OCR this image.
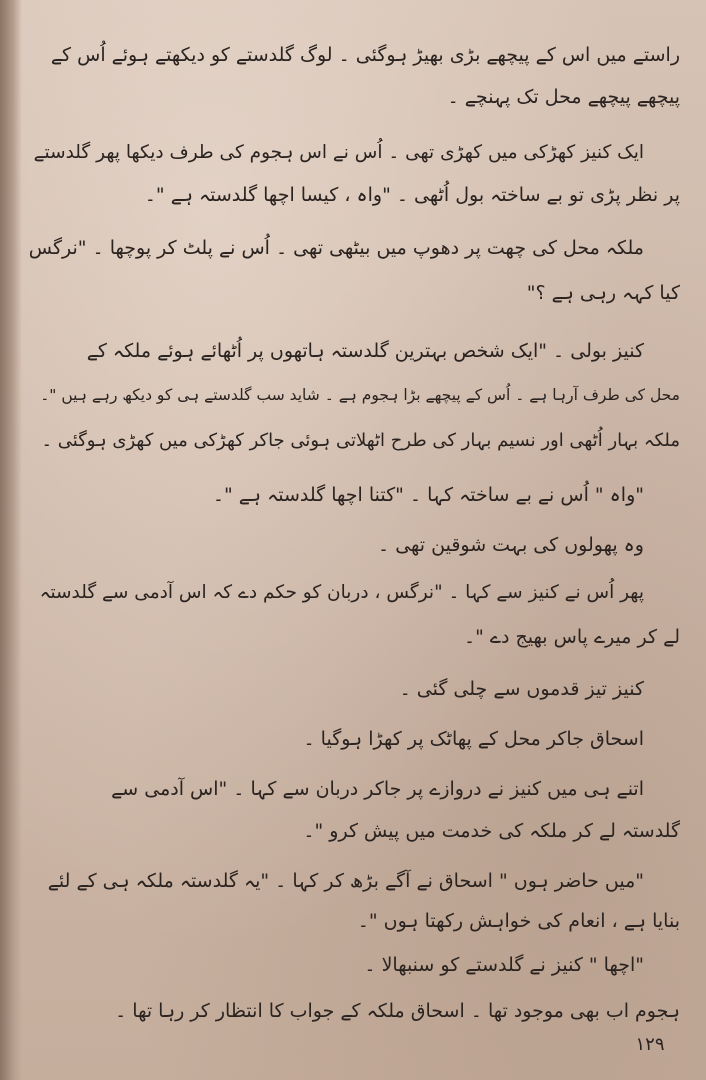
راستے میں اس کے پیچھے بڑی بھیڑ ہوگئی ۔ لوگ گلدستے کو دیکھتے ہوئے اُس کے
پیچھے پیچھے محل تک پہنچے ۔
ایک کنیز کھڑکی میں کھڑی تھی ۔ اُس نے اس ہجوم کی طرف دیکھا پھر گلدستے
پر نظر پڑی تو بے ساختہ بول اُٹھی ۔ "واہ ، کیسا اچھا گلدستہ ہے "۔
ملکہ محل کی چھت پر دھوپ میں بیٹھی تھی ۔ اُس نے پلٹ کر پوچھا ۔ "نرگس
کیا کہہ رہی ہے ؟"
کنیز بولی ۔ "ایک شخص بہترین گلدستہ ہاتھوں پر اُٹھائے ہوئے ملکہ کے
محل کی طرف آرہا ہے ۔ اُس کے پیچھے بڑا ہجوم ہے ۔ شاید سب گلدستے ہی کو دیکھ رہے ہیں "۔
ملکہ بہار اُٹھی اور نسیم بہار کی طرح اٹھلاتی ہوئی جاکر کھڑکی میں کھڑی ہوگئی ۔
"واہ " اُس نے بے ساختہ کہا ۔ "کتنا اچھا گلدستہ ہے "۔
وہ پھولوں کی بہت شوقین تھی ۔
پھر اُس نے کنیز سے کہا ۔ "نرگس ، دربان کو حکم دے کہ اس آدمی سے گلدستہ
لے کر میرے پاس بھیج دے "۔
کنیز تیز قدموں سے چلی گئی ۔
اسحاق جاکر محل کے پھاٹک پر کھڑا ہوگیا ۔
اتنے ہی میں کنیز نے دروازے پر جاکر دربان سے کہا ۔ "اس آدمی سے
گلدستہ لے کر ملکہ کی خدمت میں پیش کرو "۔
"میں حاضر ہوں " اسحاق نے آگے بڑھ کر کہا ۔ "یہ گلدستہ ملکہ ہی کے لئے
بنایا ہے ، انعام کی خواہش رکھتا ہوں "۔
"اچھا " کنیز نے گلدستے کو سنبھالا ۔
ہجوم اب بھی موجود تھا ۔ اسحاق ملکہ کے جواب کا انتظار کر رہا تھا ۔
۱۲۹
